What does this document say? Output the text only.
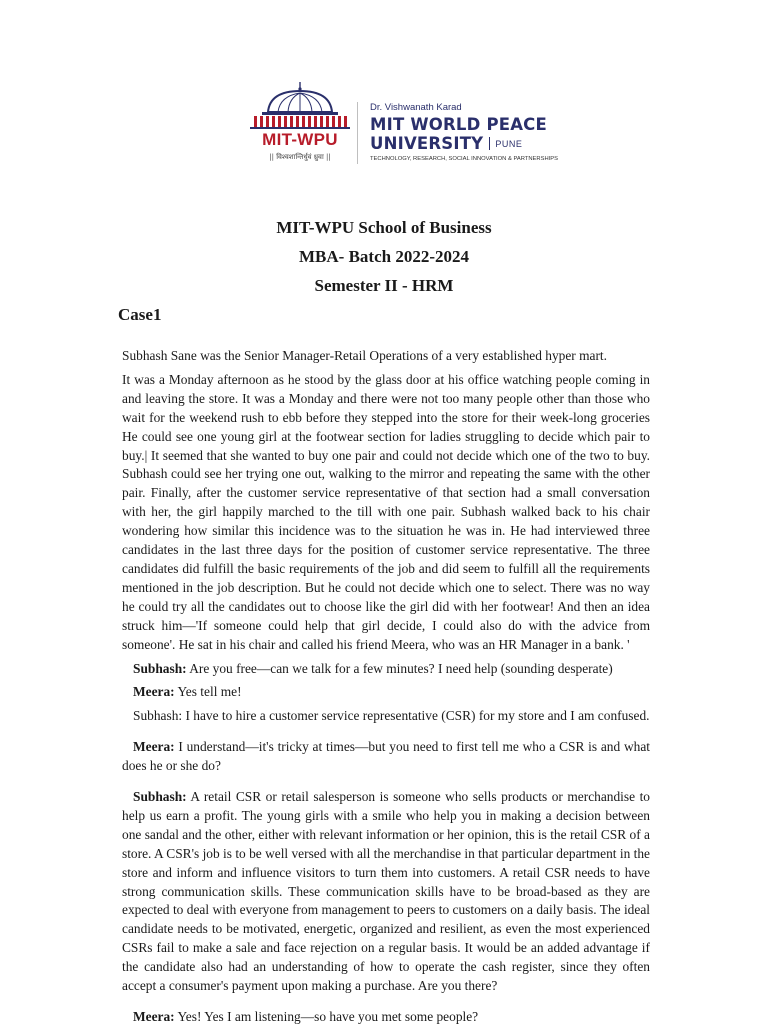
MIT-WPU
|| विश्वशान्तिर्धुवं ध्रुवा ||
Dr. Vishwanath Karad
MIT WORLD PEACE
UNIVERSITY PUNE
TECHNOLOGY, RESEARCH, SOCIAL INNOVATION & PARTNERSHIPS
MIT-WPU School of Business
MBA- Batch 2022-2024
Semester II - HRM
Case1

Subhash Sane was the Senior Manager-Retail Operations of a very established hyper mart.

It was a Monday afternoon as he stood by the glass door at his office watching people coming in and leaving the store. It was a Monday and there were not too many people other than those who wait for the weekend rush to ebb before they stepped into the store for their week-long groceries He could see one young girl at the footwear section for ladies struggling to decide which pair to buy.| It seemed that she wanted to buy one pair and could not decide which one of the two to buy. Subhash could see her trying one out, walking to the mirror and repeating the same with the other pair. Finally, after the customer service representative of that section had a small conversation with her, the girl happily marched to the till with one pair. Subhash walked back to his chair wondering how similar this incidence was to the situation he was in. He had interviewed three candidates in the last three days for the position of customer service representative. The three candidates did fulfill the basic requirements of the job and did seem to fulfill all the requirements mentioned in the job description. But he could not decide which one to select. There was no way he could try all the candidates out to choose like the girl did with her footwear! And then an idea struck him—'If someone could help that girl decide, I could also do with the advice from someone'. He sat in his chair and called his friend Meera, who was an HR Manager in a bank. '

Subhash: Are you free—can we talk for a few minutes? I need help (sounding desperate)

Meera: Yes tell me!

Subhash: I have to hire a customer service representative (CSR) for my store and I am confused.

Meera: I understand—it's tricky at times—but you need to first tell me who a CSR is and what does he or she do?

Subhash: A retail CSR or retail salesperson is someone who sells products or merchandise to help us earn a profit. The young girls with a smile who help you in making a decision between one sandal and the other, either with relevant information or her opinion, this is the retail CSR of a store. A CSR's job is to be well versed with all the merchandise in that particular department in the store and inform and influence visitors to turn them into customers. A retail CSR needs to have strong communication skills. These communication skills have to be broad-based as they are expected to deal with everyone from management to peers to customers on a daily basis. The ideal candidate needs to be motivated, energetic, organized and resilient, as even the most experienced CSRs fail to make a sale and face rejection on a regular basis. It would be an added advantage if the candidate also had an understanding of how to operate the cash register, since they often accept a consumer's payment upon making a purchase. Are you there?

Meera: Yes! Yes I am listening—so have you met some people?
